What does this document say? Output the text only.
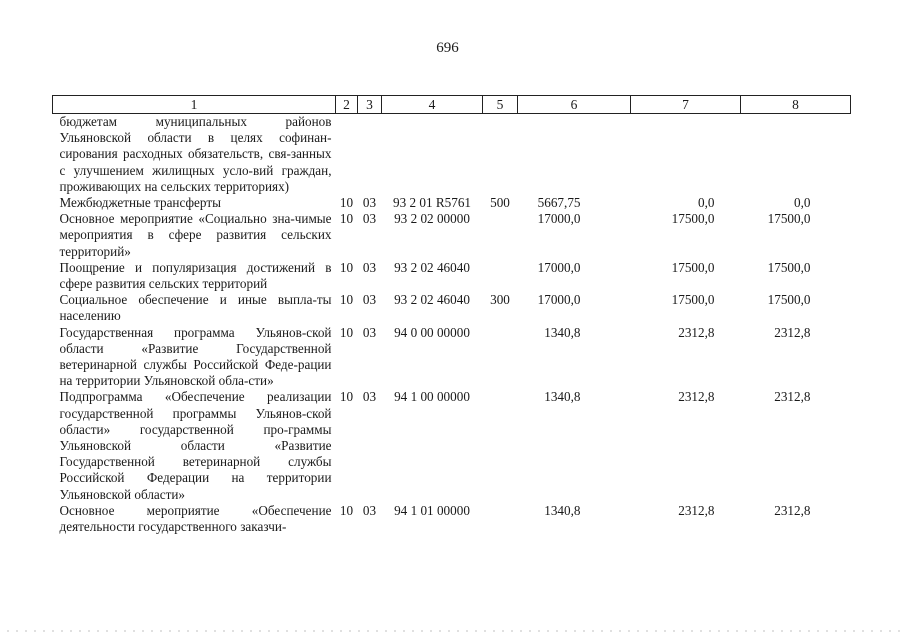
696
1	2	3	4	5	6	7	8
бюджетам муниципальных районов Ульяновской области в целях софинан-сирования расходных обязательств, свя-занных с улучшением жилищных усло-вий граждан, проживающих на сельских территориях)							
Межбюджетные трансферты	10	03	93 2 01 R5761	500	5667,75	0,0	0,0
Основное мероприятие «Социально зна-чимые мероприятия в сфере развития сельских территорий»	10	03	93 2 02 00000		17000,0	17500,0	17500,0
Поощрение и популяризация достижений в сфере развития сельских территорий	10	03	93 2 02 46040		17000,0	17500,0	17500,0
Социальное обеспечение и иные выпла-ты населению	10	03	93 2 02 46040	300	17000,0	17500,0	17500,0
Государственная программа Ульянов-ской области «Развитие Государственной ветеринарной службы Российской Феде-рации на территории Ульяновской обла-сти»	10	03	94 0 00 00000		1340,8	2312,8	2312,8
Подпрограмма «Обеспечение реализации государственной программы Ульянов-ской области» государственной про-граммы Ульяновской области «Развитие Государственной ветеринарной службы Российской Федерации на территории Ульяновской области»	10	03	94 1 00 00000		1340,8	2312,8	2312,8
Основное мероприятие «Обеспечение деятельности государственного заказчи-	10	03	94 1 01 00000		1340,8	2312,8	2312,8
